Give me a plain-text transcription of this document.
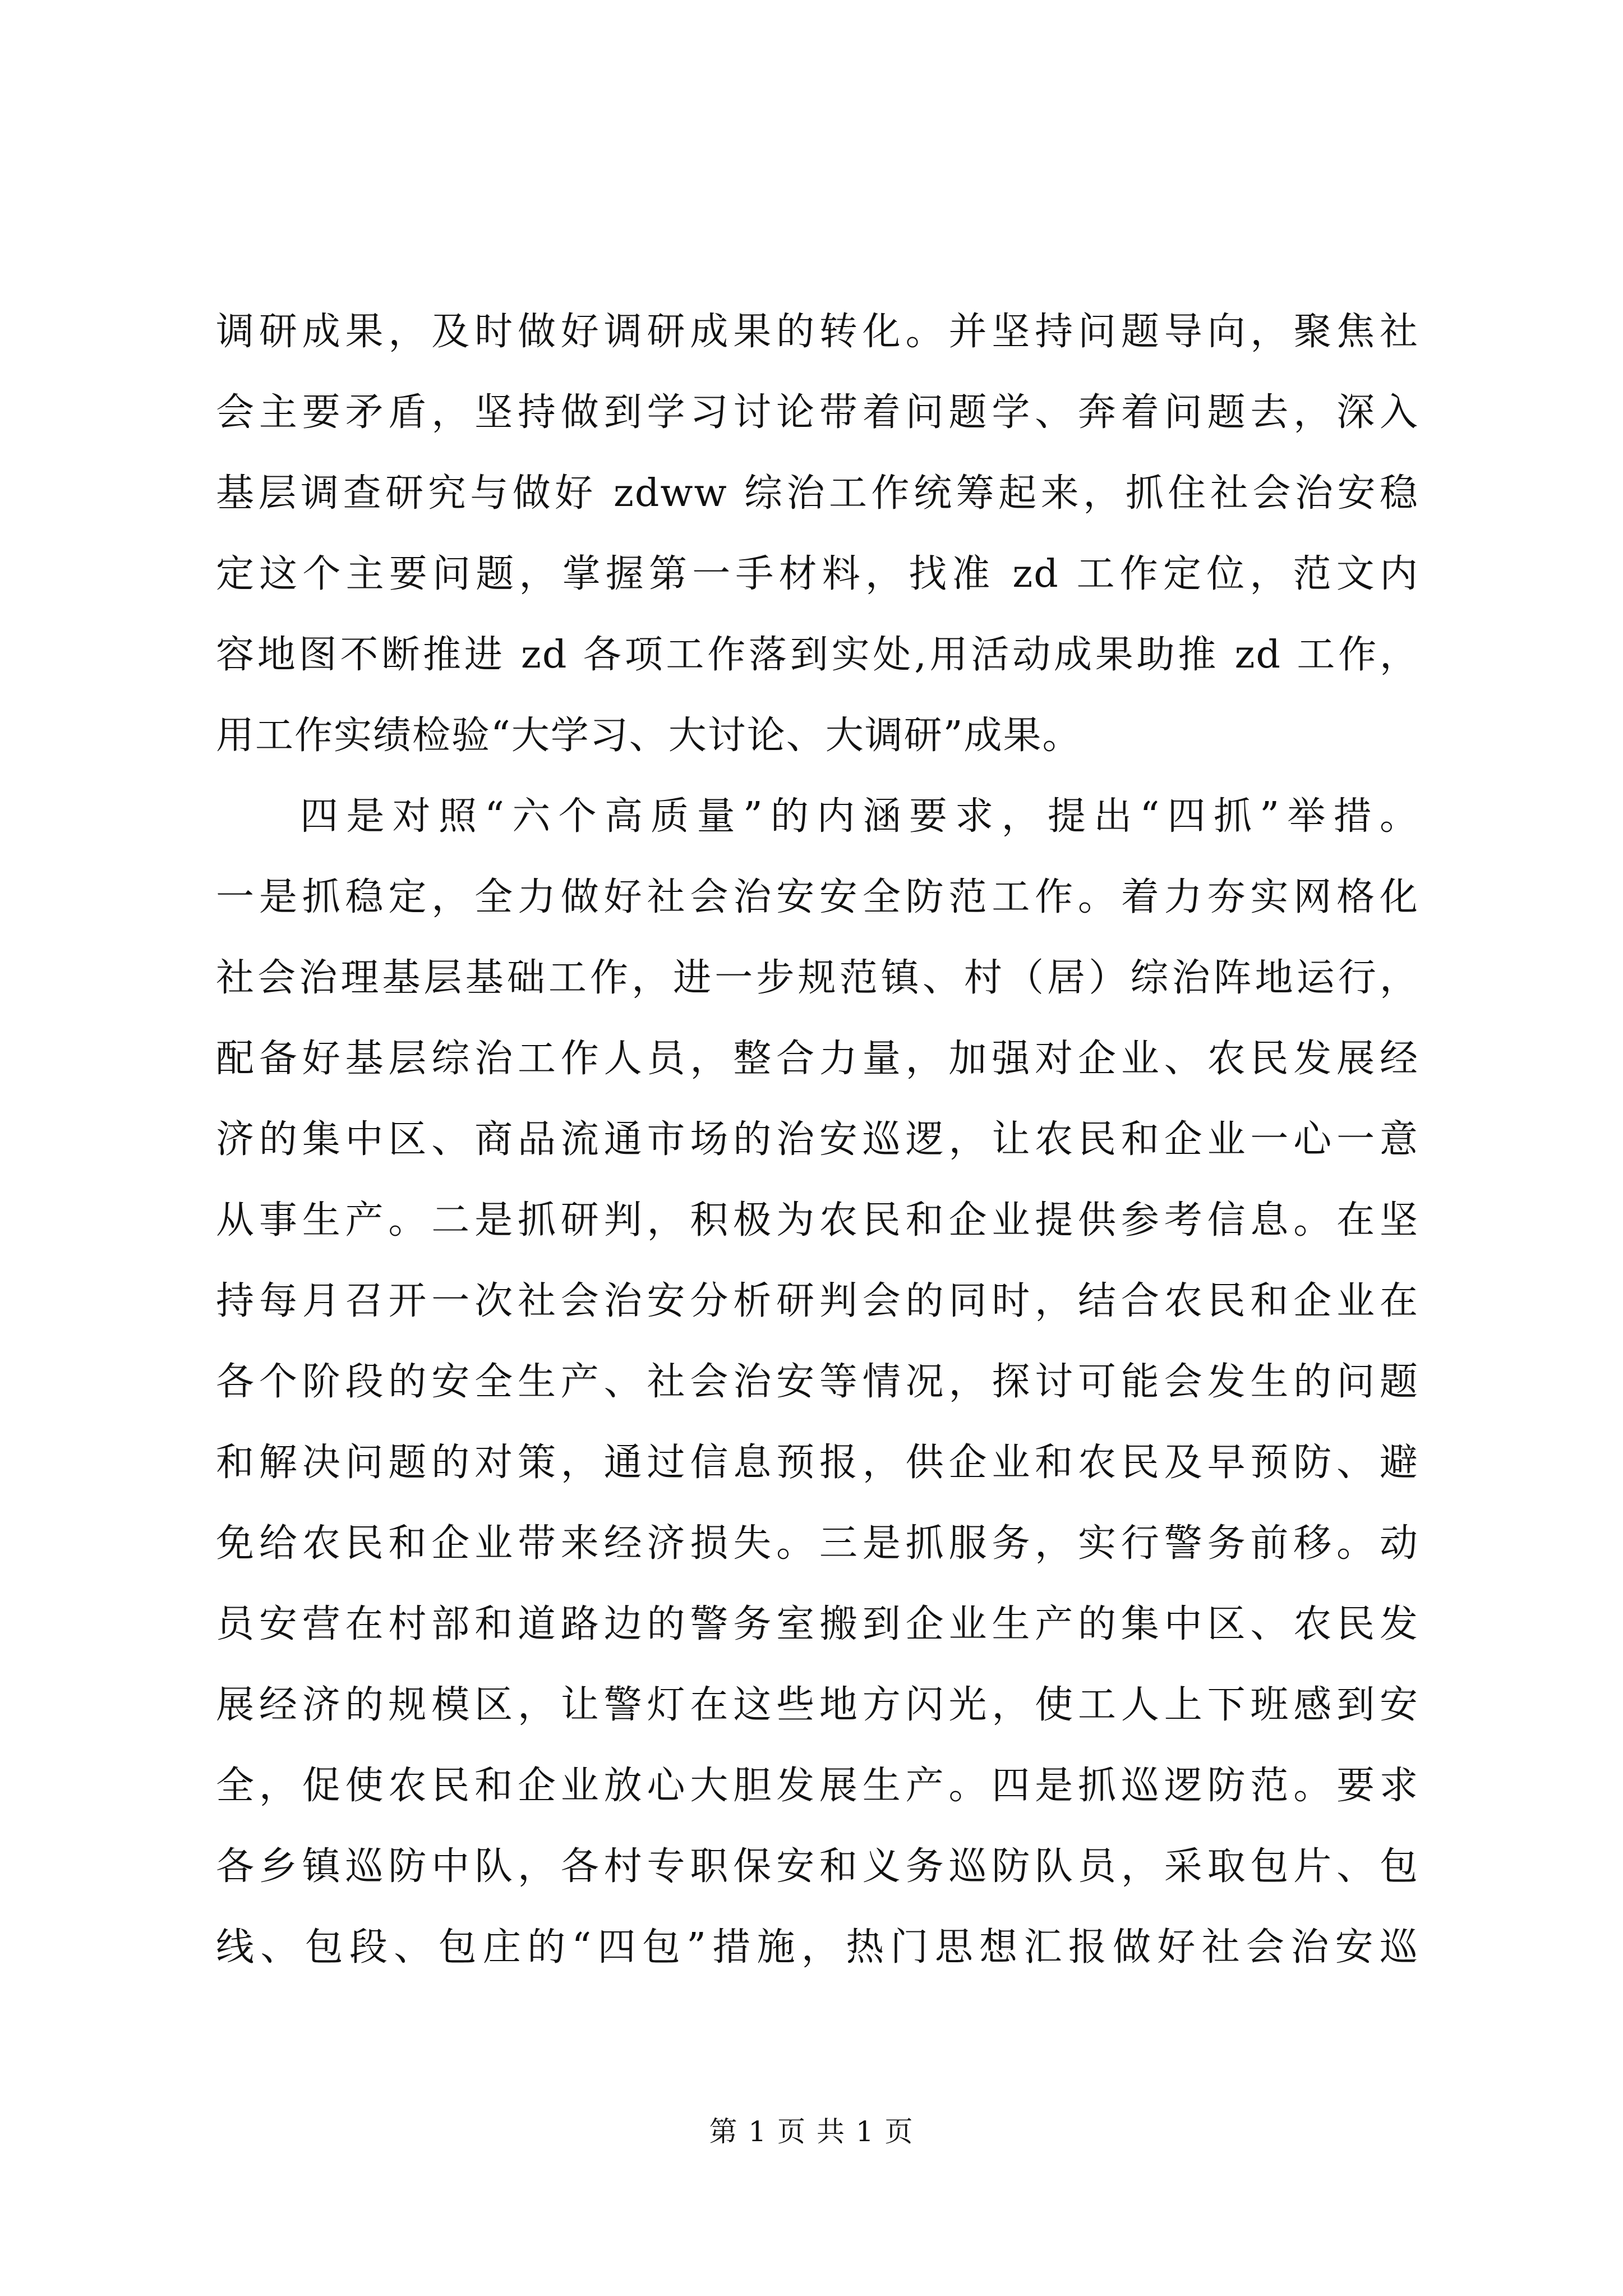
调研成果，及时做好调研成果的转化。并坚持问题导向，聚焦社
会主要矛盾，坚持做到学习讨论带着问题学、奔着问题去，深入
基层调查研究与做好 zdww 综治工作统筹起来，抓住社会治安稳
定这个主要问题，掌握第一手材料，找准 zd 工作定位，范文内
容地图不断推进 zd 各项工作落到实处,用活动成果助推 zd 工作，
用工作实绩检验“大学习、大讨论、大调研”成果。
四是对照“六个高质量”的内涵要求，提出“四抓”举措。
一是抓稳定，全力做好社会治安安全防范工作。着力夯实网格化
社会治理基层基础工作，进一步规范镇、村（居）综治阵地运行，
配备好基层综治工作人员，整合力量，加强对企业、农民发展经
济的集中区、商品流通市场的治安巡逻，让农民和企业一心一意
从事生产。二是抓研判，积极为农民和企业提供参考信息。在坚
持每月召开一次社会治安分析研判会的同时，结合农民和企业在
各个阶段的安全生产、社会治安等情况，探讨可能会发生的问题
和解决问题的对策，通过信息预报，供企业和农民及早预防、避
免给农民和企业带来经济损失。三是抓服务，实行警务前移。动
员安营在村部和道路边的警务室搬到企业生产的集中区、农民发
展经济的规模区，让警灯在这些地方闪光，使工人上下班感到安
全，促使农民和企业放心大胆发展生产。四是抓巡逻防范。要求
各乡镇巡防中队，各村专职保安和义务巡防队员，采取包片、包
线、包段、包庄的“四包”措施，热门思想汇报做好社会治安巡
第 1 页 共 1 页
